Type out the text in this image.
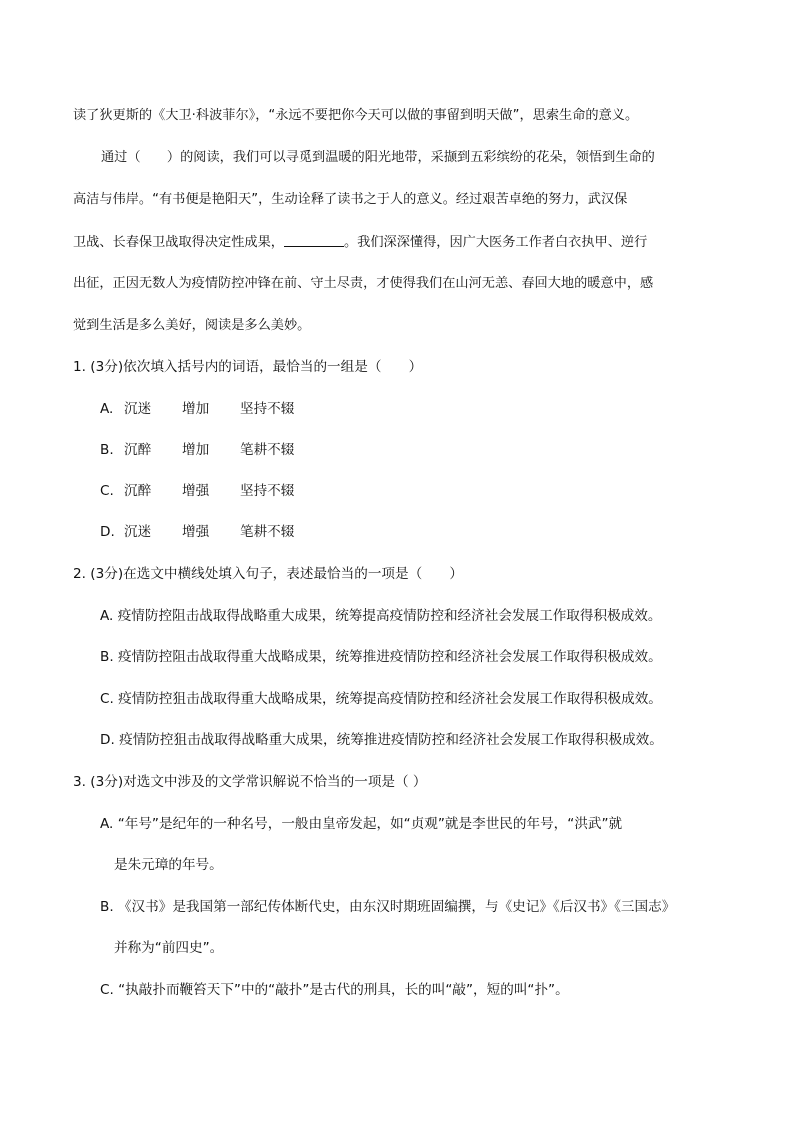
读了狄更斯的《大卫·科波菲尔》，“永远不要把你今天可以做的事留到明天做”，思索生命的意义。
通过（　　）的阅读，我们可以寻觅到温暖的阳光地带，采撷到五彩缤纷的花朵，领悟到生命的
高洁与伟岸。“有书便是艳阳天”，生动诠释了读书之于人的意义。经过艰苦卓绝的努力，武汉保
卫战、长春保卫战取得决定性成果，	。我们深深懂得，因广大医务工作者白衣执甲、逆行
出征，正因无数人为疫情防控冲锋在前、守土尽责，才使得我们在山河无恙、春回大地的暖意中，感
觉到生活是多么美好，阅读是多么美妙。
1. (3分)依次填入括号内的词语，最恰当的一组是（　　）
A. 沉迷 增加 坚持不辍
B. 沉醉 增加 笔耕不辍
C. 沉醉 增强 坚持不辍
D. 沉迷 增强 笔耕不辍
2. (3分)在选文中横线处填入句子，表述最恰当的一项是（　　）
A. 疫情防控阻击战取得战略重大成果，统筹提高疫情防控和经济社会发展工作取得积极成效。
B. 疫情防控阻击战取得重大战略成果，统筹推进疫情防控和经济社会发展工作取得积极成效。
C. 疫情防控狙击战取得重大战略成果，统筹提高疫情防控和经济社会发展工作取得积极成效。
D. 疫情防控狙击战取得战略重大成果，统筹推进疫情防控和经济社会发展工作取得积极成效。
3. (3分)对选文中涉及的文学常识解说不恰当的一项是（ ）
A. “年号”是纪年的一种名号，一般由皇帝发起，如“贞观”就是李世民的年号，“洪武”就
是朱元璋的年号。
B. 《汉书》是我国第一部纪传体断代史，由东汉时期班固编撰，与《史记》《后汉书》《三国志》
并称为“前四史”。
C. “执敲扑而鞭笞天下”中的“敲扑”是古代的刑具，长的叫“敲”，短的叫“扑”。
